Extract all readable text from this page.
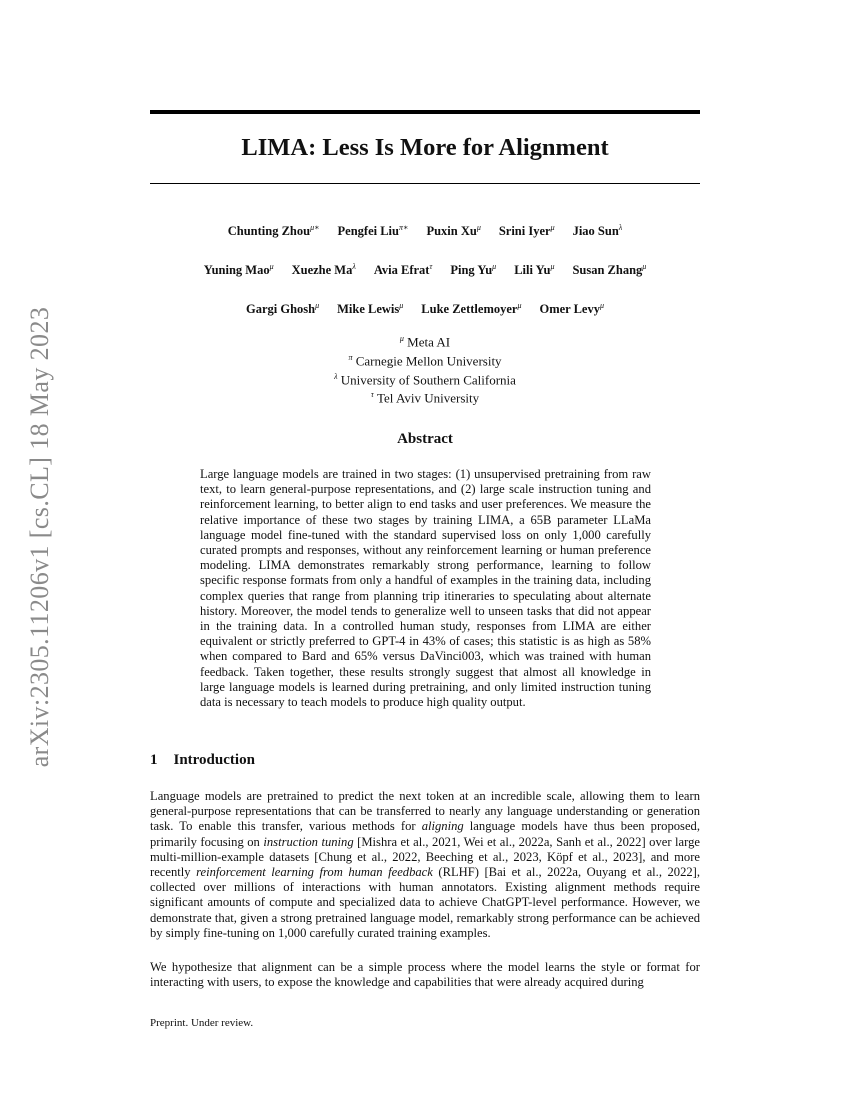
arXiv:2305.11206v1 [cs.CL] 18 May 2023
LIMA: Less Is More for Alignment
Chunting Zhou$^{\mu∗}$ Pengfei Liu$^{\pi∗}$ Puxin $Xu^\mu$ Srini Iyer$^\mu$ Jiao Sun$^\lambda$
Yuning Mao$^\mu$ Xuezhe $Ma^\lambda$ Avia Efrat$^\tau$ Ping $Yu^\mu$ Lili $Yu^\mu$ Susan Zhang$^\mu$
Gargi Ghosh$^\mu$ Mike Lewis$^\mu$ Luke Zettlemoyer$^\mu$ Omer Levy$^\mu$
$^\mu$ Meta AI
$^\pi$ Carnegie Mellon University
$^\lambda$ University of Southern California
$^\tau$ Tel Aviv University
Abstract
Large language models are trained in two stages: (1) unsupervised pretraining from raw text, to learn general-purpose representations, and (2) large scale instruction tuning and reinforcement learning, to better align to end tasks and user preferences. We measure the relative importance of these two stages by training LIMA, a 65B parameter LLaMa language model fine-tuned with the standard supervised loss on only 1,000 carefully curated prompts and responses, without any reinforcement learning or human preference modeling. LIMA demonstrates remarkably strong performance, learning to follow specific response formats from only a handful of examples in the training data, including complex queries that range from planning trip itineraries to speculating about alternate history. Moreover, the model tends to generalize well to unseen tasks that did not appear in the training data. In a controlled human study, responses from LIMA are either equivalent or strictly preferred to GPT-4 in 43% of cases; this statistic is as high as 58% when compared to Bard and 65% versus DaVinci003, which was trained with human feedback. Taken together, these results strongly suggest that almost all knowledge in large language models is learned during pretraining, and only limited instruction tuning data is necessary to teach models to produce high quality output.
1 Introduction
Language models are pretrained to predict the next token at an incredible scale, allowing them to learn general-purpose representations that can be transferred to nearly any language understanding or generation task. To enable this transfer, various methods for aligning language models have thus been proposed, primarily focusing on instruction tuning [Mishra et al., 2021, Wei et al., 2022a, Sanh et al., 2022] over large multi-million-example datasets [Chung et al., 2022, Beeching et al., 2023, Köpf et al., 2023], and more recently reinforcement learning from human feedback (RLHF) [Bai et al., 2022a, Ouyang et al., 2022], collected over millions of interactions with human annotators. Existing alignment methods require significant amounts of compute and specialized data to achieve ChatGPT-level performance. However, we demonstrate that, given a strong pretrained language model, remarkably strong performance can be achieved by simply fine-tuning on 1,000 carefully curated training examples.
We hypothesize that alignment can be a simple process where the model learns the style or format for interacting with users, to expose the knowledge and capabilities that were already acquired during
Preprint. Under review.
